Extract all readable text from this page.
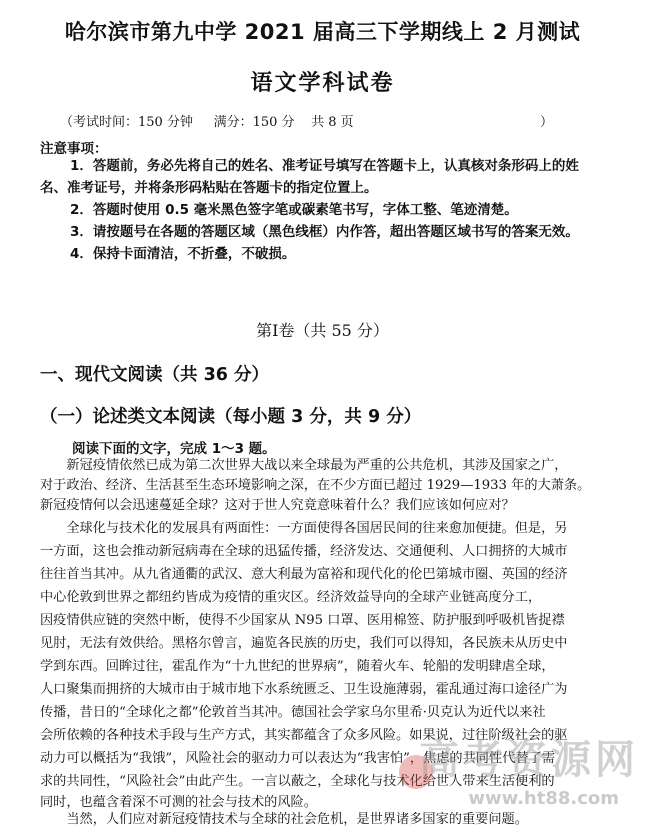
哈尔滨市第九中学 2021 届高三下学期线上 2 月测试
语文学科试卷
（考试时间：150 分钟     满分：150 分    共 8 页	）
注意事项：
1．答题前，务必先将自己的姓名、准考证号填写在答题卡上，认真核对条形码上的姓
名、准考证号，并将条形码粘贴在答题卡的指定位置上。
2．答题时使用 0.5 毫米黑色签字笔或碳素笔书写，字体工整、笔迹清楚。
3．请按题号在各题的答题区域（黑色线框）内作答，超出答题区域书写的答案无效。
4．保持卡面清洁，不折叠，不破损。
第Ⅰ卷（共 55 分）
一、现代文阅读（共 36 分）
（一）论述类文本阅读（每小题 3 分，共 9 分）
阅读下面的文字，完成 1～3 题。
　　新冠疫情依然已成为第二次世界大战以来全球最为严重的公共危机，其涉及国家之广，
对于政治、经济、生活甚至生态环境影响之深，在不少方面已超过 1929—1933 年的大萧条。
新冠疫情何以会迅速蔓延全球？这对于世人究竟意味着什么？我们应该如何应对？
　　全球化与技术化的发展具有两面性：一方面使得各国居民间的往来愈加便捷。但是，另
一方面，这也会推动新冠病毒在全球的迅猛传播，经济发达、交通便利、人口拥挤的大城市
往往首当其冲。从九省通衢的武汉、意大利最为富裕和现代化的伦巴第城市圈、英国的经济
中心伦敦到世界之都纽约皆成为疫情的重灾区。经济效益导向的全球产业链高度分工，
因疫情供应链的突然中断，使得不少国家从 N95 口罩、医用棉签、防护服到呼吸机皆捉襟
见肘，无法有效供给。黑格尔曾言，遍览各民族的历史，我们可以得知，各民族未从历史中
学到东西。回眸过往，霍乱作为“十九世纪的世界病”，随着火车、轮船的发明肆虐全球，
人口聚集而拥挤的大城市由于城市地下水系统匮乏、卫生设施薄弱，霍乱通过海口途径广为
传播，昔日的“全球化之都”伦敦首当其冲。德国社会学家乌尔里希·贝克认为近代以来社
会所依赖的各种技术手段与生产方式，其实都蕴含了众多风险。如果说，过往阶级社会的驱
动力可以概括为“我饿”，风险社会的驱动力可以表达为“我害怕”，焦虑的共同性代替了需
求的共同性，“风险社会”由此产生。一言以蔽之，全球化与技术化给世人带来生活便利的
同时，也蕴含着深不可测的社会与技术的风险。
　　当然，人们应对新冠疫情技术与全球的社会危机，是世界诸多国家的重要问题。
高考资源网
www.ht88.com
